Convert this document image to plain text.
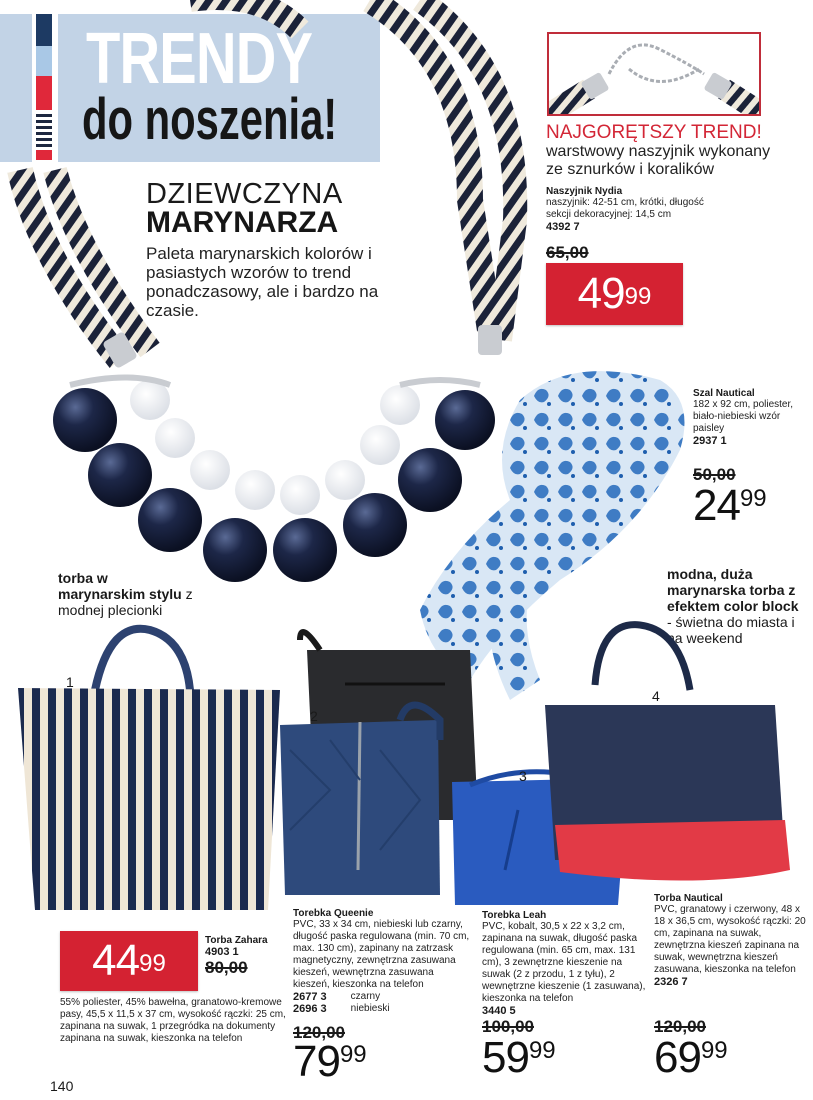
TRENDY
do noszenia!
DZIEWCZYNA
MARYNARZA
Paleta marynarskich kolorów i pasiastych wzorów to trend ponadczasowy, ale i bardzo na czasie.
NAJGORĘTSZY TREND!
warstwowy naszyjnik wykonany ze sznurków i koralików
Naszyjnik Nydia
naszyjnik: 42-51 cm, krótki, długość
sekcji dekoracyjnej: 14,5 cm
4392 7
65,00
49 99
Szal Nautical
182 x 92 cm, poliester, biało-niebieski wzór paisley
2937 1
50,00
2499
torba w marynarskim stylu z modnej plecionki
modna, duża marynarska torba z efektem color block - świetna do miasta i na weekend
1
2
3
4
44 99
Torba Zahara
4903 1
80,00
55% poliester, 45% bawełna, granatowo-kremowe pasy, 45,5 x 11,5 x 37 cm, wysokość rączki: 25 cm, zapinana na suwak, 1 przegródka na dokumenty zapinana na suwak, kieszonka na telefon
Torebka Queenie
PVC, 33 x 34 cm, niebieski lub czarny, długość paska regulowana (min. 70 cm, max. 130 cm), zapinany na zatrzask magnetyczny, zewnętrzna zasuwana kieszeń, wewnętrzna zasuwana kieszeń, kieszonka na telefon
2677 3 czarny
2696 3 niebieski
120,00
7999
Torebka Leah
PVC, kobalt, 30,5 x 22 x 3,2 cm, zapinana na suwak, długość paska regulowana (min. 65 cm, max. 131 cm), 3 zewnętrzne kieszenie na suwak (2 z przodu, 1 z tyłu), 2 wewnętrzne kieszenie (1 zasuwana), kieszonka na telefon
3440 5
100,00
5999
Torba Nautical
PVC, granatowy i czerwony, 48 x 18 x 36,5 cm, wysokość rączki: 20 cm, zapinana na suwak, zewnętrzna kieszeń zapinana na suwak, wewnętrzna kieszeń zasuwana, kieszonka na telefon
2326 7
120,00
6999
140
